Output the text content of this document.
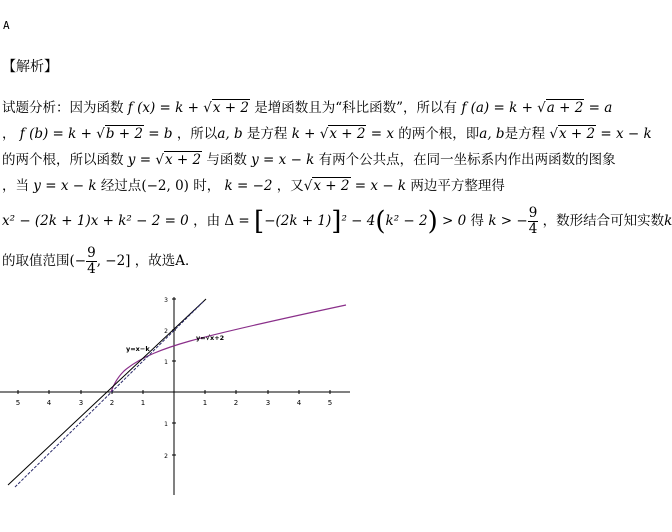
A
【解析】
试题分析：因为函数 f (x) = k + √x + 2 是增函数且为“科比函数”，所以有 f (a) = k + √a + 2 = a
， f (b) = k + √b + 2 = b ，所以a, b 是方程 k + √x + 2 = x 的两个根，即a, b是方程 √x + 2 = x − k
的两个根，所以函数 y = √x + 2 与函数 y = x − k 有两个公共点，在同一坐标系内作出两函数的图象
，当 y = x − k 经过点(−2, 0) 时， k = −2 ，又√x + 2 = x − k 两边平方整理得
x² − (2k + 1)x + k² − 2 = 0 ，由 Δ = [−(2k + 1)]² − 4(k² − 2) > 0 得 k > − $\frac{9}{4}$ ，数形结合可知实数k
的取值范围(− $\frac{9}{4}$ , −2] ，故选A．
5	4	3	2	1	1	2	3	4	5
2
1
1
2
3
y=x−k
y=√x+2
